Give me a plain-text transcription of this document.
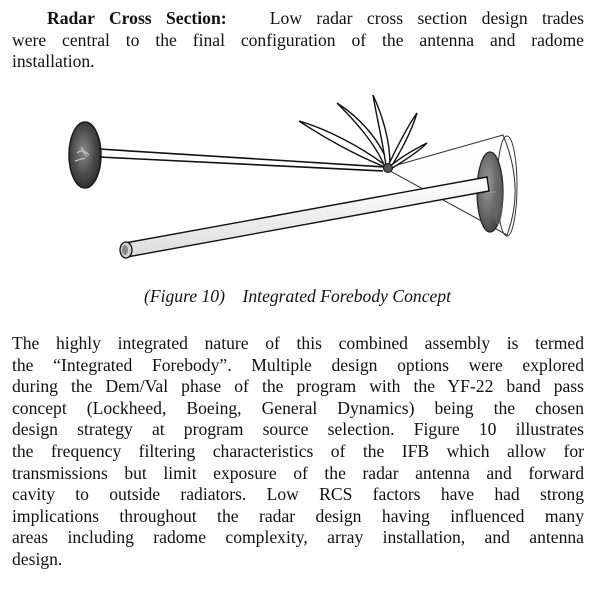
Radar Cross Section: Low radar cross section design trades
were central to the final configuration of the antenna and radome
installation.
(Figure 10) Integrated Forebody Concept
The highly integrated nature of this combined assembly is termed
the “Integrated Forebody”. Multiple design options were explored
during the Dem/Val phase of the program with the YF-22 band pass
concept (Lockheed, Boeing, General Dynamics) being the chosen
design strategy at program source selection. Figure 10 illustrates
the frequency filtering characteristics of the IFB which allow for
transmissions but limit exposure of the radar antenna and forward
cavity to outside radiators. Low RCS factors have had strong
implications throughout the radar design having influenced many
areas including radome complexity, array installation, and antenna
design.
